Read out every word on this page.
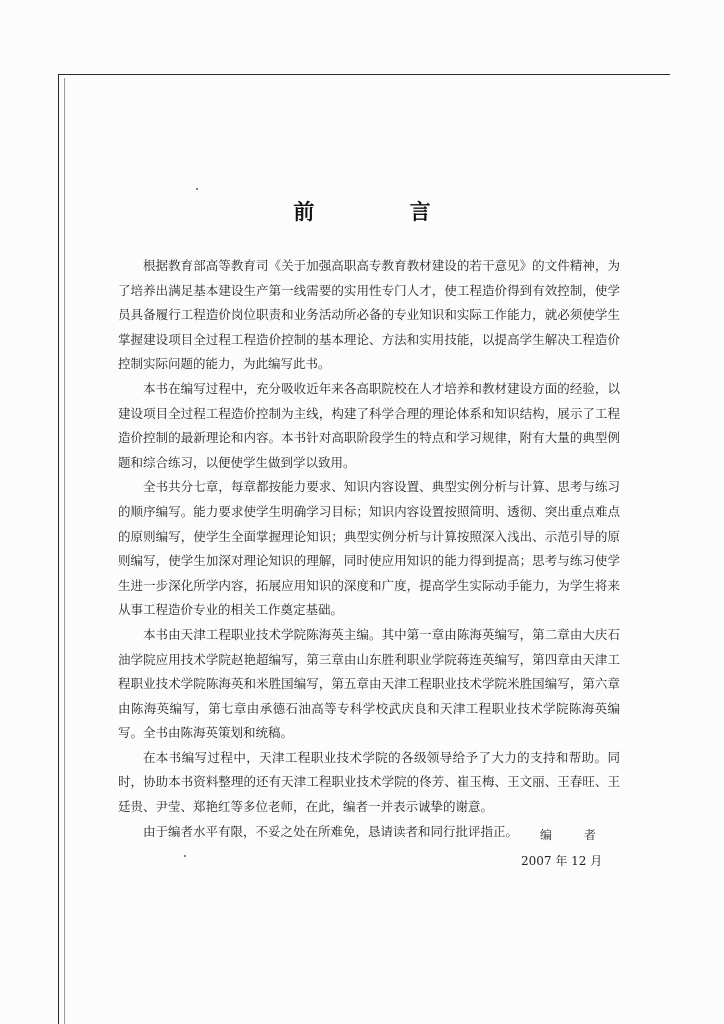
前 言

根据教育部高等教育司《关于加强高职高专教育教材建设的若干意见》的文件精神，为了培养出满足基本建设生产第一线需要的实用性专门人才，使工程造价得到有效控制，使学员具备履行工程造价岗位职责和业务活动所必备的专业知识和实际工作能力，就必须使学生掌握建设项目全过程工程造价控制的基本理论、方法和实用技能，以提高学生解决工程造价控制实际问题的能力，为此编写此书。

本书在编写过程中，充分吸收近年来各高职院校在人才培养和教材建设方面的经验，以建设项目全过程工程造价控制为主线，构建了科学合理的理论体系和知识结构，展示了工程造价控制的最新理论和内容。本书针对高职阶段学生的特点和学习规律，附有大量的典型例题和综合练习，以便使学生做到学以致用。

全书共分七章，每章都按能力要求、知识内容设置、典型实例分析与计算、思考与练习的顺序编写。能力要求使学生明确学习目标；知识内容设置按照简明、透彻、突出重点难点的原则编写，使学生全面掌握理论知识；典型实例分析与计算按照深入浅出、示范引导的原则编写，使学生加深对理论知识的理解，同时使应用知识的能力得到提高；思考与练习使学生进一步深化所学内容，拓展应用知识的深度和广度，提高学生实际动手能力，为学生将来从事工程造价专业的相关工作奠定基础。

本书由天津工程职业技术学院陈海英主编。其中第一章由陈海英编写，第二章由大庆石油学院应用技术学院赵艳超编写，第三章由山东胜利职业学院蒋连英编写，第四章由天津工程职业技术学院陈海英和米胜国编写，第五章由天津工程职业技术学院米胜国编写，第六章由陈海英编写，第七章由承德石油高等专科学校武庆良和天津工程职业技术学院陈海英编写。全书由陈海英策划和统稿。

在本书编写过程中，天津工程职业技术学院的各级领导给予了大力的支持和帮助。同时，协助本书资料整理的还有天津工程职业技术学院的佟芳、崔玉梅、王文丽、王春旺、王廷贵、尹莹、郑艳红等多位老师，在此，编者一并表示诚挚的谢意。

由于编者水平有限，不妥之处在所难免，恳请读者和同行批评指正。	编 者
2007 年 12 月
